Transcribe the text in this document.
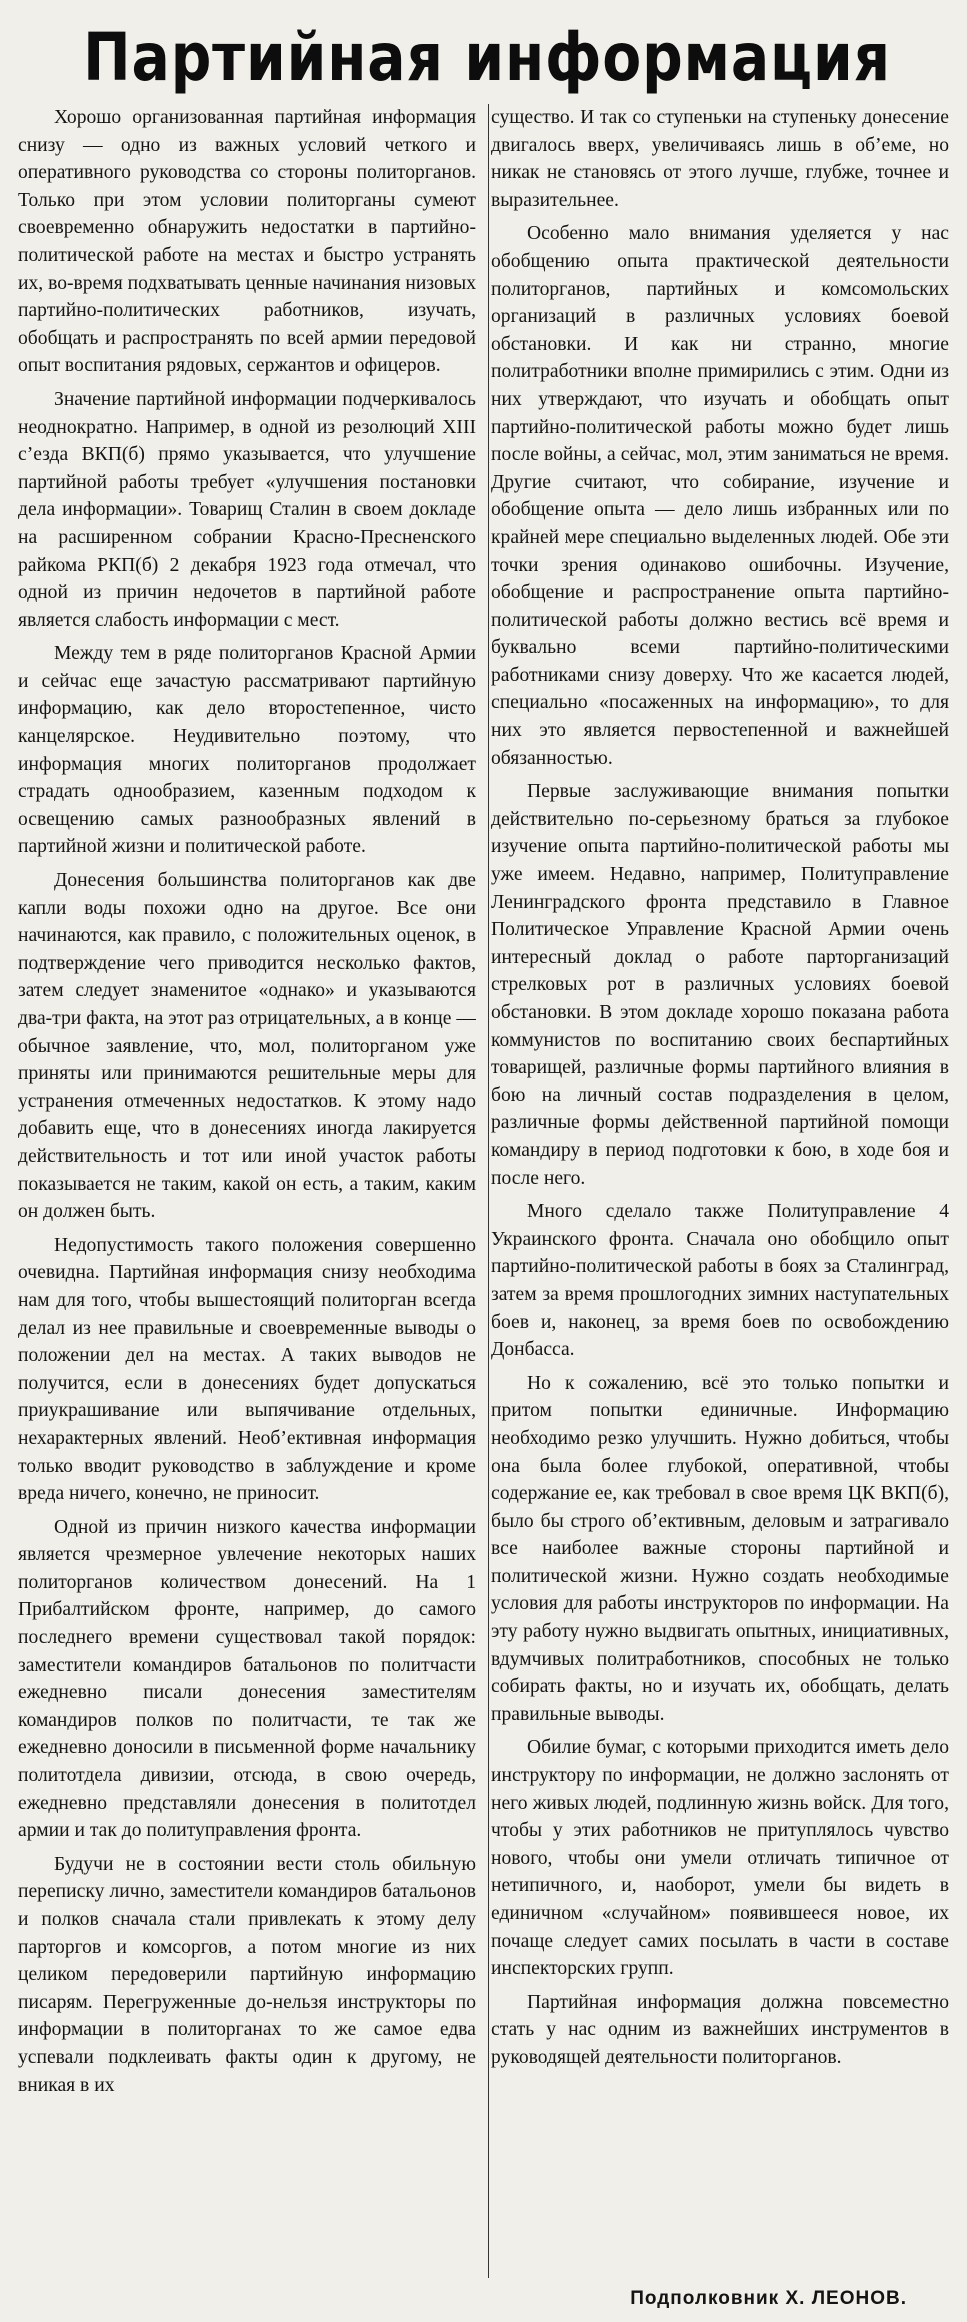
Партийная информация

Хорошо организованная партийная информация снизу — одно из важных условий четкого и оперативного руководства со стороны политорганов. Только при этом условии политорганы сумеют своевременно обнаружить недостатки в партийно-политической работе на местах и быстро устранять их, во-время подхватывать ценные начинания низовых партийно-политических работников, изучать, обобщать и распространять по всей армии передовой опыт воспитания рядовых, сержантов и офицеров.

Значение партийной информации подчеркивалось неоднократно. Например, в одной из резолюций XIII с’езда ВКП(б) прямо указывается, что улучшение партийной работы требует «улучшения постановки дела информации». Товарищ Сталин в своем докладе на расширенном собрании Красно-Пресненского райкома РКП(б) 2 декабря 1923 года отмечал, что одной из причин недочетов в партийной работе является слабость информации с мест.

Между тем в ряде политорганов Красной Армии и сейчас еще зачастую рассматривают партийную информацию, как дело второстепенное, чисто канцелярское. Неудивительно поэтому, что информация многих политорганов продолжает страдать однообразием, казенным подходом к освещению самых разнообразных явлений в партийной жизни и политической работе.

Донесения большинства политорганов как две капли воды похожи одно на другое. Все они начинаются, как правило, с положительных оценок, в подтверждение чего приводится несколько фактов, затем следует знаменитое «однако» и указываются два-три факта, на этот раз отрицательных, а в конце — обычное заявление, что, мол, политорганом уже приняты или принимаются решительные меры для устранения отмеченных недостатков. К этому надо добавить еще, что в донесениях иногда лакируется действительность и тот или иной участок работы показывается не таким, какой он есть, а таким, каким он должен быть.

Недопустимость такого положения совершенно очевидна. Партийная информация снизу необходима нам для того, чтобы вышестоящий политорган всегда делал из нее правильные и своевременные выводы о положении дел на местах. А таких выводов не получится, если в донесениях будет допускаться приукрашивание или выпячивание отдельных, нехарактерных явлений. Необ’ективная информация только вводит руководство в заблуждение и кроме вреда ничего, конечно, не приносит.

Одной из причин низкого качества информации является чрезмерное увлечение некоторых наших политорганов количеством донесений. На 1 Прибалтийском фронте, например, до самого последнего времени существовал такой порядок: заместители командиров батальонов по политчасти ежедневно писали донесения заместителям командиров полков по политчасти, те так же ежедневно доносили в письменной форме начальнику политотдела дивизии, отсюда, в свою очередь, ежедневно представляли донесения в политотдел армии и так до политуправления фронта.

Будучи не в состоянии вести столь обильную переписку лично, заместители командиров батальонов и полков сначала стали привлекать к этому делу парторгов и комсоргов, а потом многие из них целиком передоверили партийную информацию писарям. Перегруженные до-нельзя инструкторы по информации в политорганах то же самое едва успевали подклеивать факты один к другому, не вникая в их

существо. И так со ступеньки на ступеньку донесение двигалось вверх, увеличиваясь лишь в об’еме, но никак не становясь от этого лучше, глубже, точнее и выразительнее.

Особенно мало внимания уделяется у нас обобщению опыта практической деятельности политорганов, партийных и комсомольских организаций в различных условиях боевой обстановки. И как ни странно, многие политработники вполне примирились с этим. Одни из них утверждают, что изучать и обобщать опыт партийно-политической работы можно будет лишь после войны, а сейчас, мол, этим заниматься не время. Другие считают, что собирание, изучение и обобщение опыта — дело лишь избранных или по крайней мере специально выделенных людей. Обе эти точки зрения одинаково ошибочны. Изучение, обобщение и распространение опыта партийно-политической работы должно вестись всё время и буквально всеми партийно-политическими работниками снизу доверху. Что же касается людей, специально «посаженных на информацию», то для них это является первостепенной и важнейшей обязанностью.

Первые заслуживающие внимания попытки действительно по-серьезному браться за глубокое изучение опыта партийно-политической работы мы уже имеем. Недавно, например, Политуправление Ленинградского фронта представило в Главное Политическое Управление Красной Армии очень интересный доклад о работе парторганизаций стрелковых рот в различных условиях боевой обстановки. В этом докладе хорошо показана работа коммунистов по воспитанию своих беспартийных товарищей, различные формы партийного влияния в бою на личный состав подразделения в целом, различные формы действенной партийной помощи командиру в период подготовки к бою, в ходе боя и после него.

Много сделало также Политуправление 4 Украинского фронта. Сначала оно обобщило опыт партийно-политической работы в боях за Сталинград, затем за время прошлогодних зимних наступательных боев и, наконец, за время боев по освобождению Донбасса.

Но к сожалению, всё это только попытки и притом попытки единичные. Информацию необходимо резко улучшить. Нужно добиться, чтобы она была более глубокой, оперативной, чтобы содержание ее, как требовал в свое время ЦК ВКП(б), было бы строго об’ективным, деловым и затрагивало все наиболее важные стороны партийной и политической жизни. Нужно создать необходимые условия для работы инструкторов по информации. На эту работу нужно выдвигать опытных, инициативных, вдумчивых политработников, способных не только собирать факты, но и изучать их, обобщать, делать правильные выводы.

Обилие бумаг, с которыми приходится иметь дело инструктору по информации, не должно заслонять от него живых людей, подлинную жизнь войск. Для того, чтобы у этих работников не притуплялось чувство нового, чтобы они умели отличать типичное от нетипичного, и, наоборот, умели бы видеть в единичном «случайном» появившееся новое, их почаще следует самих посылать в части в составе инспекторских групп.

Партийная информация должна повсеместно стать у нас одним из важнейших инструментов в руководящей деятельности политорганов.

Подполковник Х. ЛЕОНОВ.
